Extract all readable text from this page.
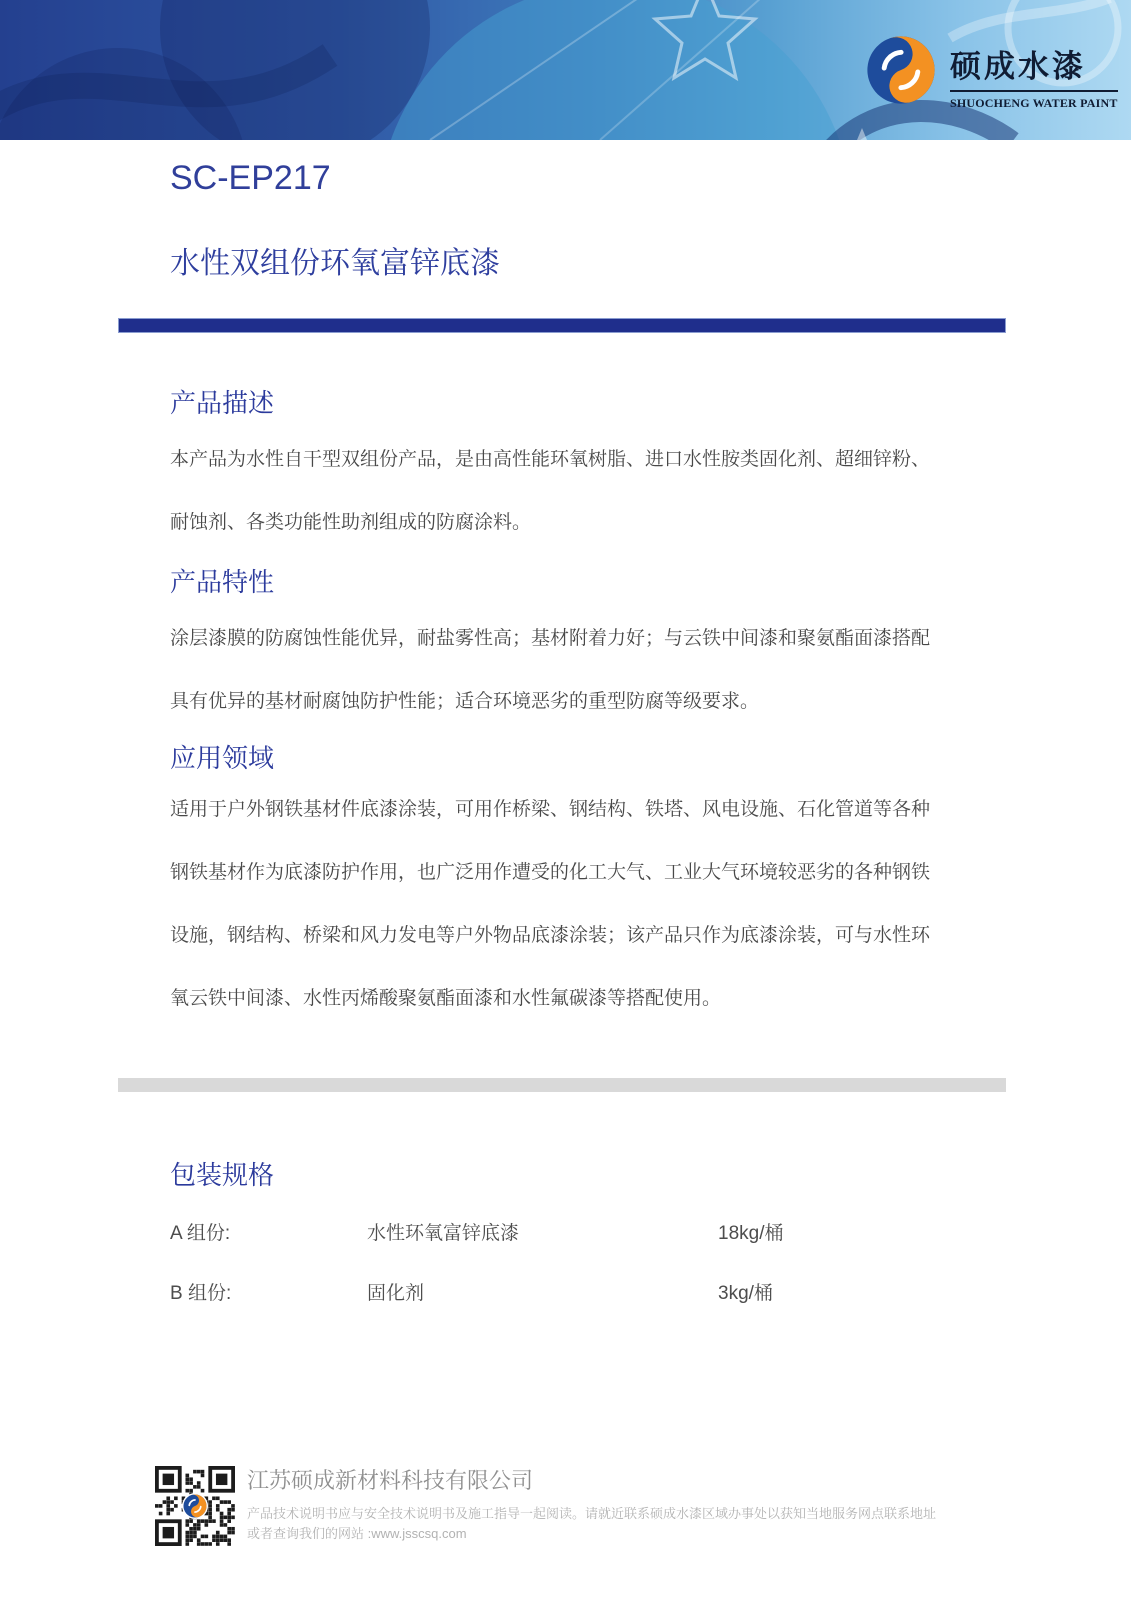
硕成水漆
SHUOCHENG WATER PAINT
SC-EP217
水性双组份环氧富锌底漆
产品描述
本产品为水性自干型双组份产品，是由高性能环氧树脂、进口水性胺类固化剂、超细锌粉、
耐蚀剂、各类功能性助剂组成的防腐涂料。
产品特性
涂层漆膜的防腐蚀性能优异，耐盐雾性高；基材附着力好；与云铁中间漆和聚氨酯面漆搭配
具有优异的基材耐腐蚀防护性能；适合环境恶劣的重型防腐等级要求。
应用领域
适用于户外钢铁基材件底漆涂装，可用作桥梁、钢结构、铁塔、风电设施、石化管道等各种
钢铁基材作为底漆防护作用，也广泛用作遭受的化工大气、工业大气环境较恶劣的各种钢铁
设施，钢结构、桥梁和风力发电等户外物品底漆涂装；该产品只作为底漆涂装，可与水性环
氧云铁中间漆、水性丙烯酸聚氨酯面漆和水性氟碳漆等搭配使用。
包装规格
A 组份:	水性环氧富锌底漆	18kg/桶
B 组份:	固化剂	3kg/桶
江苏硕成新材料科技有限公司
产品技术说明书应与安全技术说明书及施工指导一起阅读。请就近联系硕成水漆区域办事处以获知当地服务网点联系地址
或者查询我们的网站 :www.jsscsq.com
